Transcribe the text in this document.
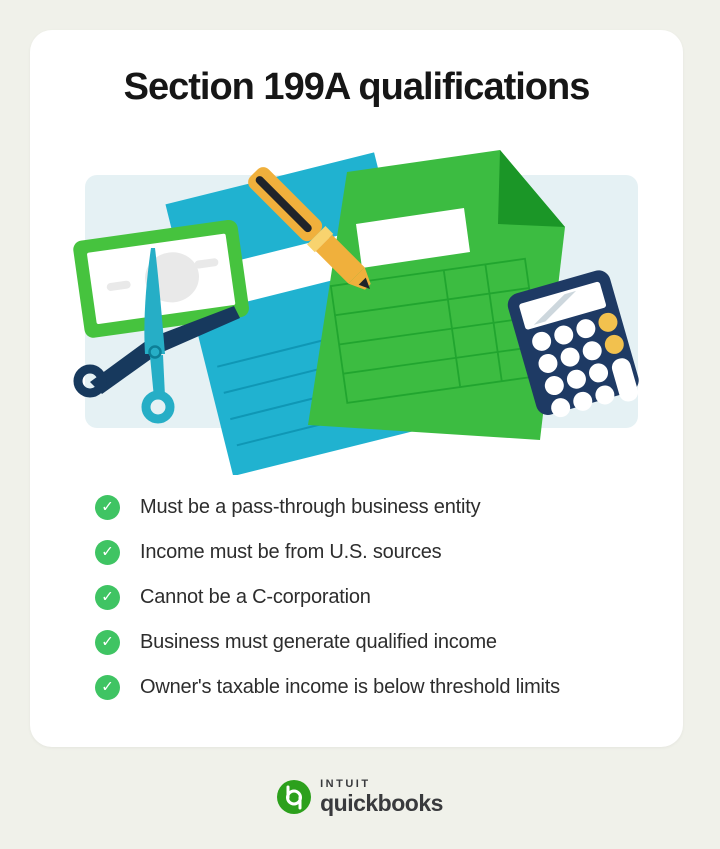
Section 199A qualifications
✓ Must be a pass-through business entity
✓ Income must be from U.S. sources
✓ Cannot be a C-corporation
✓ Business must generate qualified income
✓ Owner's taxable income is below threshold limits
INTUIT
quickbooks
